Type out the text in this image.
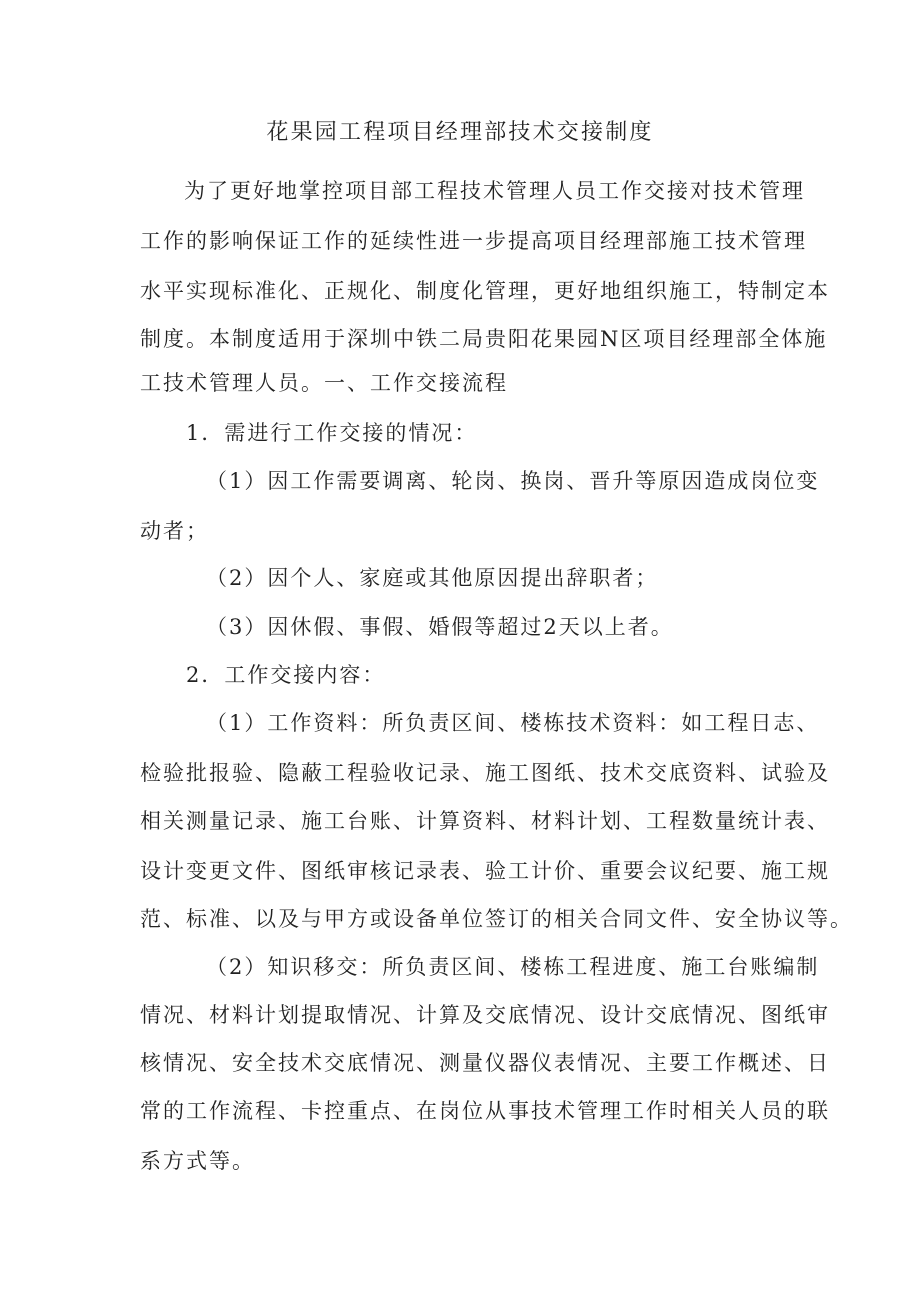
花果园工程项目经理部技术交接制度
为了更好地掌控项目部工程技术管理人员工作交接对技术管理
工作的影响保证工作的延续性进一步提高项目经理部施工技术管理
水平实现标准化、正规化、制度化管理，更好地组织施工，特制定本
制度。本制度适用于深圳中铁二局贵阳花果园N区项目经理部全体施
工技术管理人员。一、工作交接流程
1．需进行工作交接的情况：
（1）因工作需要调离、轮岗、换岗、晋升等原因造成岗位变
动者；
（2）因个人、家庭或其他原因提出辞职者；
（3）因休假、事假、婚假等超过2天以上者。
2．工作交接内容：
（1）工作资料：所负责区间、楼栋技术资料：如工程日志、
检验批报验、隐蔽工程验收记录、施工图纸、技术交底资料、试验及
相关测量记录、施工台账、计算资料、材料计划、工程数量统计表、
设计变更文件、图纸审核记录表、验工计价、重要会议纪要、施工规
范、标准、以及与甲方或设备单位签订的相关合同文件、安全协议等。
（2）知识移交：所负责区间、楼栋工程进度、施工台账编制
情况、材料计划提取情况、计算及交底情况、设计交底情况、图纸审
核情况、安全技术交底情况、测量仪器仪表情况、主要工作概述、日
常的工作流程、卡控重点、在岗位从事技术管理工作时相关人员的联
系方式等。
